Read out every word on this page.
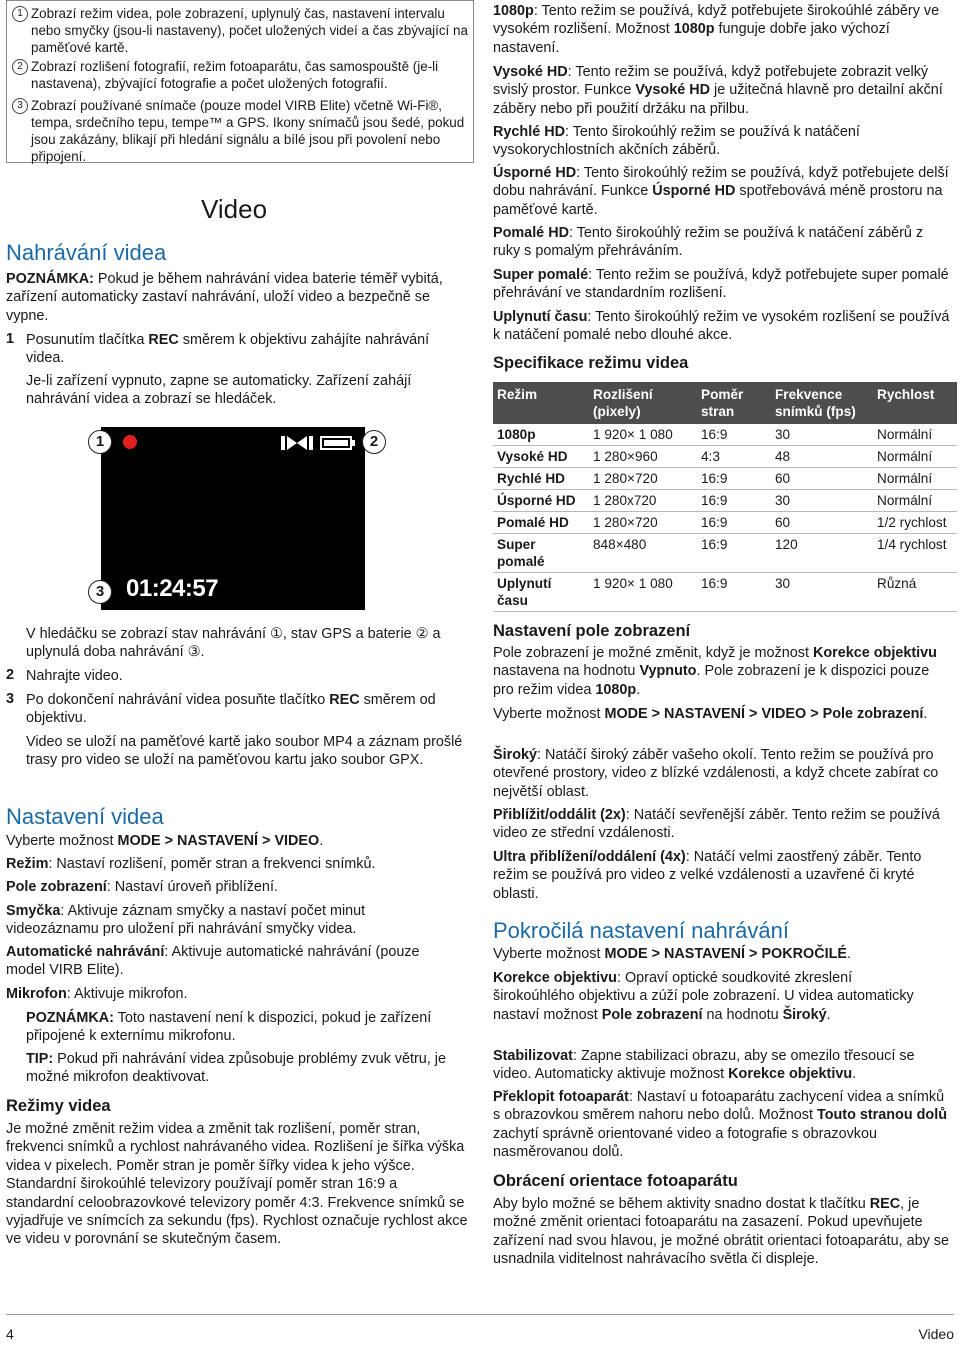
1 Zobrazí režim videa, pole zobrazení, uplynulý čas, nastavení intervalu nebo smyčky (jsou-li nastaveny), počet uložených videí a čas zbývající na paměťové kartě.
2 Zobrazí rozlišení fotografií, režim fotoaparátu, čas samospouště (je-li nastavena), zbývající fotografie a počet uložených fotografií.
3 Zobrazí používané snímače (pouze model VIRB Elite) včetně Wi-Fi®, tempa, srdečního tepu, tempe™ a GPS. Ikony snímačů jsou šedé, pokud jsou zakázány, blikají při hledání signálu a bílé jsou při povolení nebo připojení.
Video
Nahrávání videa

POZNÁMKA: Pokud je během nahrávání videa baterie téměř vybitá, zařízení automaticky zastaví nahrávání, uloží video a bezpečně se vypne.

1 Posunutím tlačítka REC směrem k objektivu zahájíte nahrávání videa.

Je-li zařízení vypnuto, zapne se automaticky. Zařízení zahájí nahrávání videa a zobrazí se hledáček.

01:24:57
1	2
3

V hledáčku se zobrazí stav nahrávání ①, stav GPS a baterie ② a uplynulá doba nahrávání ③.

2 Nahrajte video.

3 Po dokončení nahrávání videa posuňte tlačítko REC směrem od objektivu.

Video se uloží na paměťové kartě jako soubor MP4 a záznam prošlé trasy pro video se uloží na paměťovou kartu jako soubor GPX.

Nastavení videa

Vyberte možnost MODE > NASTAVENÍ > VIDEO.

Režim: Nastaví rozlišení, poměr stran a frekvenci snímků.

Pole zobrazení: Nastaví úroveň přiblížení.

Smyčka: Aktivuje záznam smyčky a nastaví počet minut videozáznamu pro uložení při nahrávání smyčky videa.

Automatické nahrávání: Aktivuje automatické nahrávání (pouze model VIRB Elite).

Mikrofon: Aktivuje mikrofon.

POZNÁMKA: Toto nastavení není k dispozici, pokud je zařízení připojené k externímu mikrofonu.

TIP: Pokud při nahrávání videa způsobuje problémy zvuk větru, je možné mikrofon deaktivovat.

Režimy videa

Je možné změnit režim videa a změnit tak rozlišení, poměr stran, frekvenci snímků a rychlost nahrávaného videa. Rozlišení je šířka výška videa v pixelech. Poměr stran je poměr šířky videa k jeho výšce. Standardní širokoúhlé televizory používají poměr stran 16:9 a standardní celoobrazovkové televizory poměr 4:3. Frekvence snímků se vyjadřuje ve snímcích za sekundu (fps). Rychlost označuje rychlost akce ve videu v porovnání se skutečným časem.

1080p: Tento režim se používá, když potřebujete širokoúhlé záběry ve vysokém rozlišení. Možnost 1080p funguje dobře jako výchozí nastavení.

Vysoké HD: Tento režim se používá, když potřebujete zobrazit velký svislý prostor. Funkce Vysoké HD je užitečná hlavně pro detailní akční záběry nebo při použití držáku na přilbu.

Rychlé HD: Tento širokoúhlý režim se používá k natáčení vysokorychlostních akčních záběrů.

Úsporné HD: Tento širokoúhlý režim se používá, když potřebujete delší dobu nahrávání. Funkce Úsporné HD spotřebovává méně prostoru na paměťové kartě.

Pomalé HD: Tento širokoúhlý režim se používá k natáčení záběrů z ruky s pomalým přehráváním.

Super pomalé: Tento režim se používá, když potřebujete super pomalé přehrávání ve standardním rozlišení.

Uplynutí času: Tento širokoúhlý režim ve vysokém rozlišení se používá k natáčení pomalé nebo dlouhé akce.

Specifikace režimu videa
Režim	Rozlišení (pixely)	Poměr stran	Frekvence snímků (fps)	Rychlost
1080p	1 920× 1 080	16:9	30	Normální
Vysoké HD	1 280×960	4:3	48	Normální
Rychlé HD	1 280×720	16:9	60	Normální
Úsporné HD	1 280x720	16:9	30	Normální
Pomalé HD	1 280×720	16:9	60	1/2 rychlost
Super pomalé	848×480	16:9	120	1/4 rychlost
Uplynutí času	1 920× 1 080	16:9	30	Různá
Nastavení pole zobrazení

Pole zobrazení je možné změnit, když je možnost Korekce objektivu nastavena na hodnotu Vypnuto. Pole zobrazení je k dispozici pouze pro režim videa 1080p.

Vyberte možnost MODE > NASTAVENÍ > VIDEO > Pole zobrazení.

Široký: Natáčí široký záběr vašeho okolí. Tento režim se používá pro otevřené prostory, video z blízké vzdálenosti, a když chcete zabírat co největší oblast.

Přiblížit/oddálit (2x): Natáčí sevřenější záběr. Tento režim se používá video ze střední vzdálenosti.

Ultra přiblížení/oddálení (4x): Natáčí velmi zaostřený záběr. Tento režim se používá pro video z velké vzdálenosti a uzavřené či kryté oblasti.

Pokročilá nastavení nahrávání

Vyberte možnost MODE > NASTAVENÍ > POKROČILÉ.

Korekce objektivu: Opraví optické soudkovité zkreslení širokoúhlého objektivu a zúží pole zobrazení. U videa automaticky nastaví možnost Pole zobrazení na hodnotu Široký.

Stabilizovat: Zapne stabilizaci obrazu, aby se omezilo třesoucí se video. Automaticky aktivuje možnost Korekce objektivu.

Překlopit fotoaparát: Nastaví u fotoaparátu zachycení videa a snímků s obrazovkou směrem nahoru nebo dolů. Možnost Touto stranou dolů zachytí správně orientované video a fotografie s obrazovkou nasměrovanou dolů.

Obrácení orientace fotoaparátu

Aby bylo možné se během aktivity snadno dostat k tlačítku REC, je možné změnit orientaci fotoaparátu na zasazení. Pokud upevňujete zařízení nad svou hlavou, je možné obrátit orientaci fotoaparátu, aby se usnadnila viditelnost nahrávacího světla či displeje.

4	Video
